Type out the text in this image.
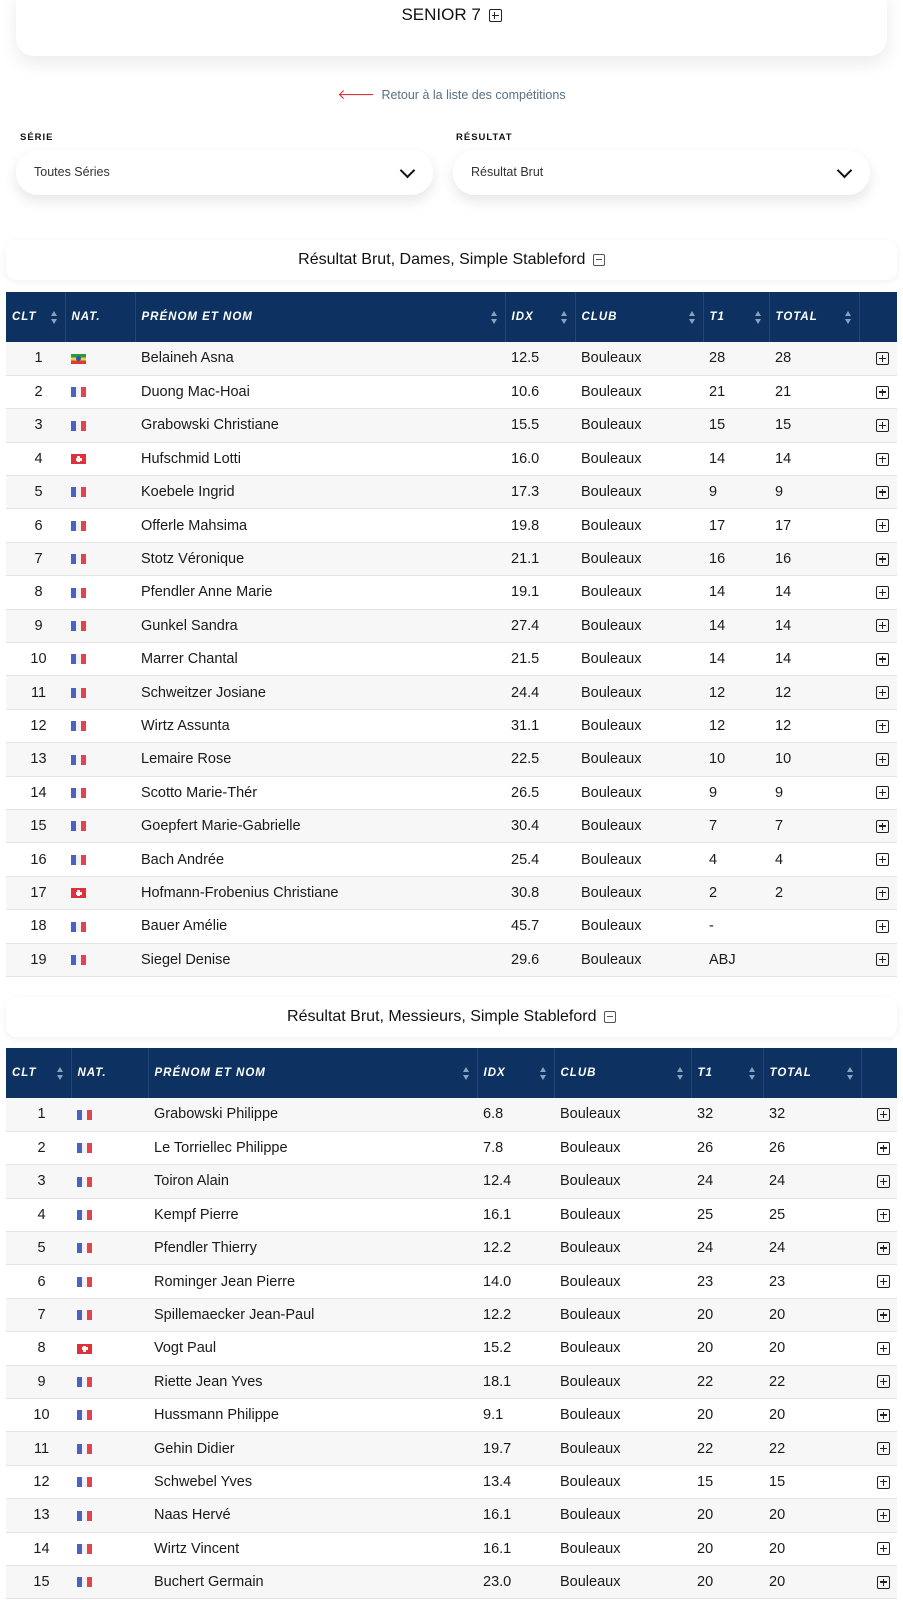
SENIOR 7
🡐 Retour à la liste des compétitions
SÉRIE
Toutes Séries
RÉSULTAT
Résultat Brut
Résultat Brut, Dames, Simple Stableford
CLT	NAT.	PRÉNOM ET NOM	IDX	CLUB	T1	TOTAL

1		Belaineh Asna	12.5	Bouleaux	28	28	
2		Duong Mac-Hoai	10.6	Bouleaux	21	21	
3		Grabowski Christiane	15.5	Bouleaux	15	15	
4		Hufschmid Lotti	16.0	Bouleaux	14	14	
5		Koebele Ingrid	17.3	Bouleaux	9	9	
6		Offerle Mahsima	19.8	Bouleaux	17	17	
7		Stotz Véronique	21.1	Bouleaux	16	16	
8		Pfendler Anne Marie	19.1	Bouleaux	14	14	
9		Gunkel Sandra	27.4	Bouleaux	14	14	
10		Marrer Chantal	21.5	Bouleaux	14	14	
11		Schweitzer Josiane	24.4	Bouleaux	12	12	
12		Wirtz Assunta	31.1	Bouleaux	12	12	
13		Lemaire Rose	22.5	Bouleaux	10	10	
14		Scotto Marie-Thér	26.5	Bouleaux	9	9	
15		Goepfert Marie-Gabrielle	30.4	Bouleaux	7	7	
16		Bach Andrée	25.4	Bouleaux	4	4	
17		Hofmann-Frobenius Christiane	30.8	Bouleaux	2	2	
18		Bauer Amélie	45.7	Bouleaux	-		
19		Siegel Denise	29.6	Bouleaux	ABJ		
Résultat Brut, Messieurs, Simple Stableford
CLT	NAT.	PRÉNOM ET NOM	IDX	CLUB	T1	TOTAL

1		Grabowski Philippe	6.8	Bouleaux	32	32	
2		Le Torriellec Philippe	7.8	Bouleaux	26	26	
3		Toiron Alain	12.4	Bouleaux	24	24	
4		Kempf Pierre	16.1	Bouleaux	25	25	
5		Pfendler Thierry	12.2	Bouleaux	24	24	
6		Rominger Jean Pierre	14.0	Bouleaux	23	23	
7		Spillemaecker Jean-Paul	12.2	Bouleaux	20	20	
8		Vogt Paul	15.2	Bouleaux	20	20	
9		Riette Jean Yves	18.1	Bouleaux	22	22	
10		Hussmann Philippe	9.1	Bouleaux	20	20	
11		Gehin Didier	19.7	Bouleaux	22	22	
12		Schwebel Yves	13.4	Bouleaux	15	15	
13		Naas Hervé	16.1	Bouleaux	20	20	
14		Wirtz Vincent	16.1	Bouleaux	20	20	
15		Buchert Germain	23.0	Bouleaux	20	20	
